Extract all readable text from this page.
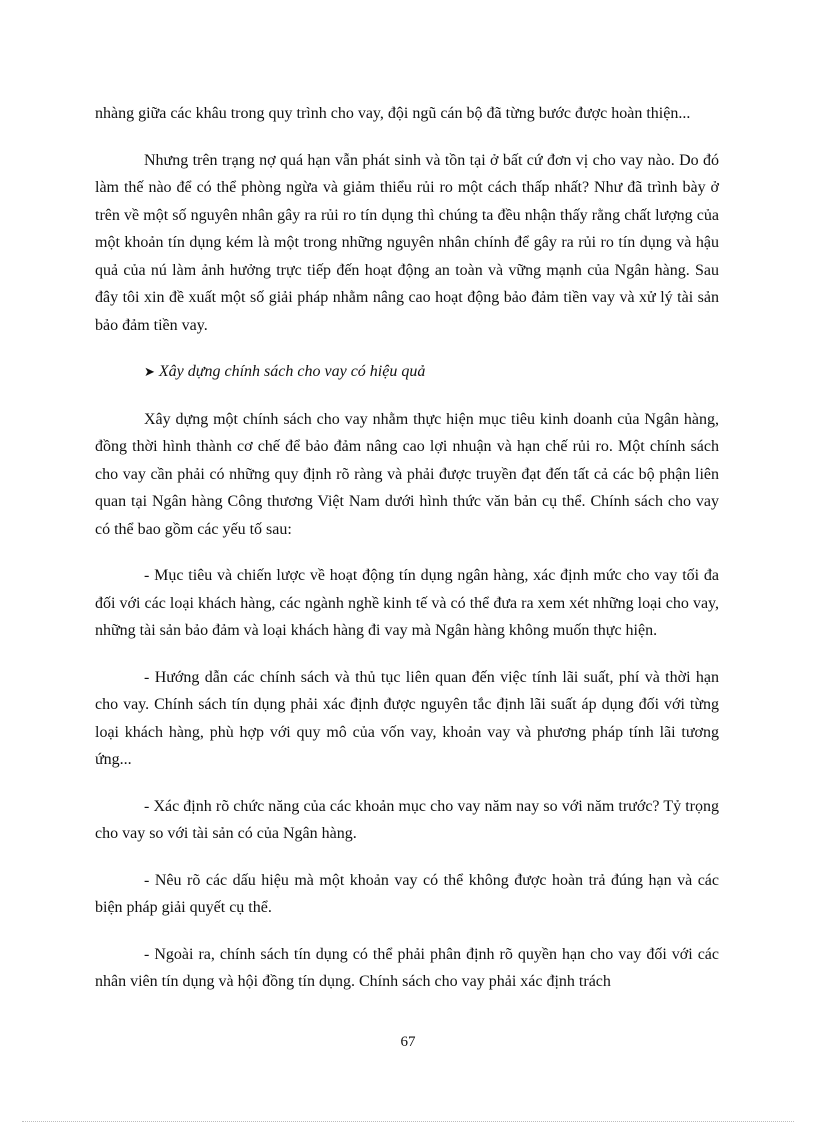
nhàng giữa các khâu trong quy trình cho vay, đội ngũ cán bộ đã từng bước được hoàn thiện...

Nhưng trên trạng nợ quá hạn vẫn phát sinh và tồn tại ở bất cứ đơn vị cho vay nào. Do đó làm thế nào để có thể phòng ngừa và giảm thiểu rủi ro một cách thấp nhất? Như đã trình bày ở trên về một số nguyên nhân gây ra rủi ro tín dụng thì chúng ta đều nhận thấy rằng chất lượng của một khoản tín dụng kém là một trong những nguyên nhân chính để gây ra rủi ro tín dụng và hậu quả của nú làm ảnh hưởng trực tiếp đến hoạt động an toàn và vững mạnh của Ngân hàng. Sau đây tôi xin đề xuất một số giải pháp nhằm nâng cao hoạt động bảo đảm tiền vay và xử lý tài sản bảo đảm tiền vay.

➤ Xây dựng chính sách cho vay có hiệu quả

Xây dựng một chính sách cho vay nhằm thực hiện mục tiêu kinh doanh của Ngân hàng, đồng thời hình thành cơ chế để bảo đảm nâng cao lợi nhuận và hạn chế rủi ro. Một chính sách cho vay cần phải có những quy định rõ ràng và phải được truyền đạt đến tất cả các bộ phận liên quan tại Ngân hàng Công thương Việt Nam dưới hình thức văn bản cụ thể. Chính sách cho vay có thể bao gồm các yếu tố sau:

- Mục tiêu và chiến lược về hoạt động tín dụng ngân hàng, xác định mức cho vay tối đa đối với các loại khách hàng, các ngành nghề kinh tế và có thể đưa ra xem xét những loại cho vay, những tài sản bảo đảm và loại khách hàng đi vay mà Ngân hàng không muốn thực hiện.

- Hướng dẫn các chính sách và thủ tục liên quan đến việc tính lãi suất, phí và thời hạn cho vay. Chính sách tín dụng phải xác định được nguyên tắc định lãi suất áp dụng đối với từng loại khách hàng, phù hợp với quy mô của vốn vay, khoản vay và phương pháp tính lãi tương ứng...

- Xác định rõ chức năng của các khoản mục cho vay năm nay so với năm trước? Tỷ trọng cho vay so với tài sản có của Ngân hàng.

- Nêu rõ các dấu hiệu mà một khoản vay có thể không được hoàn trả đúng hạn và các biện pháp giải quyết cụ thể.

- Ngoài ra, chính sách tín dụng có thể phải phân định rõ quyền hạn cho vay đối với các nhân viên tín dụng và hội đồng tín dụng. Chính sách cho vay phải xác định trách

67
